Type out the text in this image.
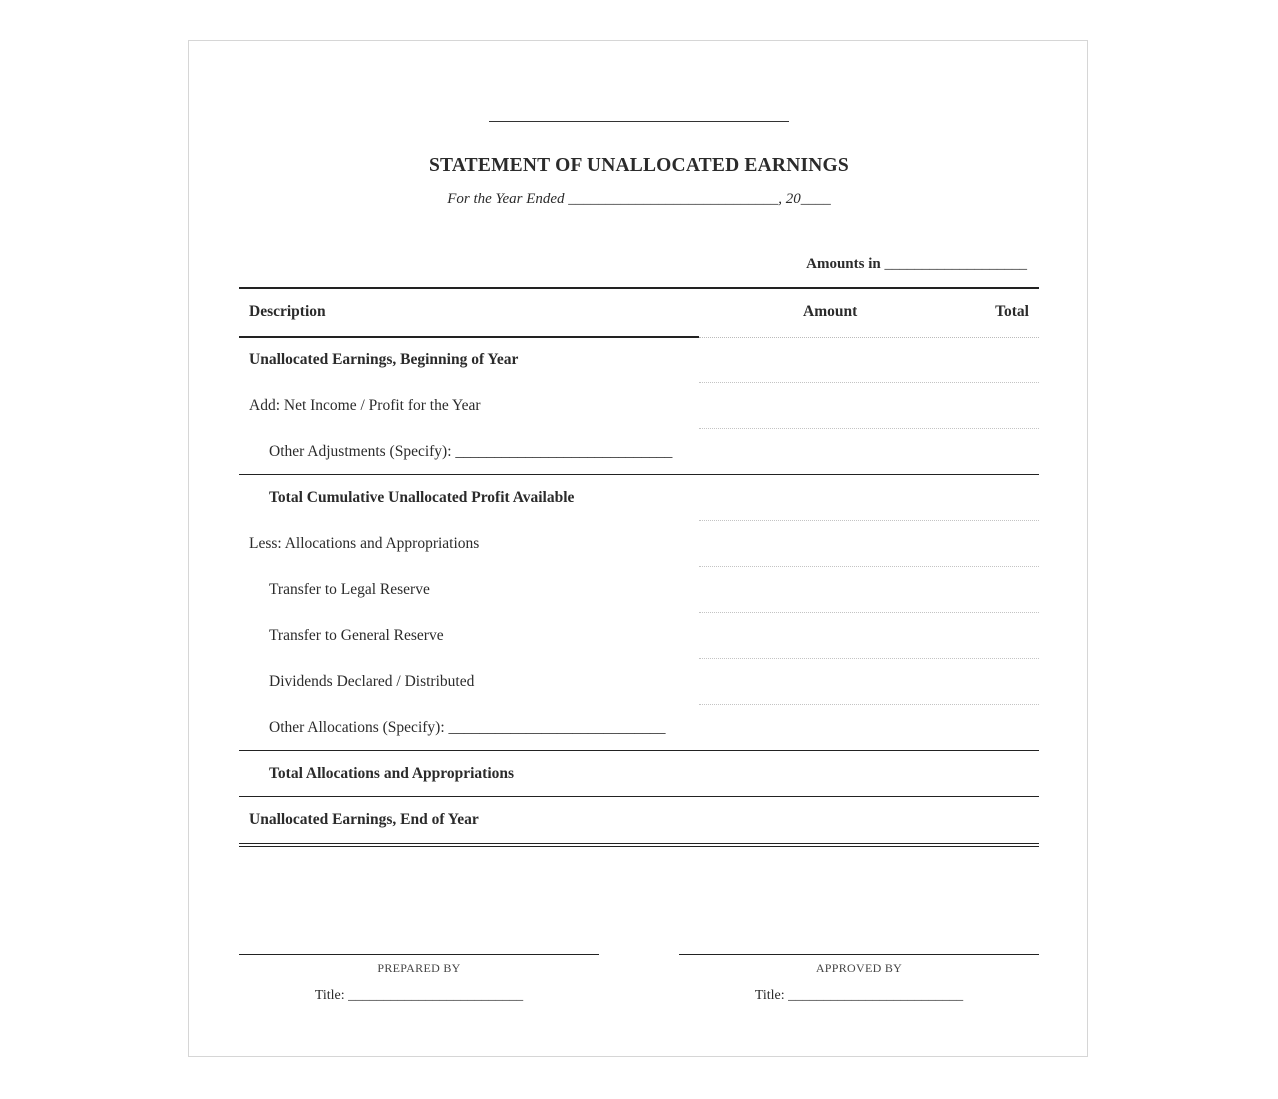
STATEMENT OF UNALLOCATED EARNINGS
For the Year Ended ____________________________, 20____
Amounts in ___________________
Description	Amount	Total
Unallocated Earnings, Beginning of Year
Add: Net Income / Profit for the Year
Other Adjustments (Specify): ____________________________
Total Cumulative Unallocated Profit Available
Less: Allocations and Appropriations
Transfer to Legal Reserve
Transfer to General Reserve
Dividends Declared / Distributed
Other Allocations (Specify): ____________________________
Total Allocations and Appropriations
Unallocated Earnings, End of Year
PREPARED BY
Title: _________________________
APPROVED BY
Title: _________________________
